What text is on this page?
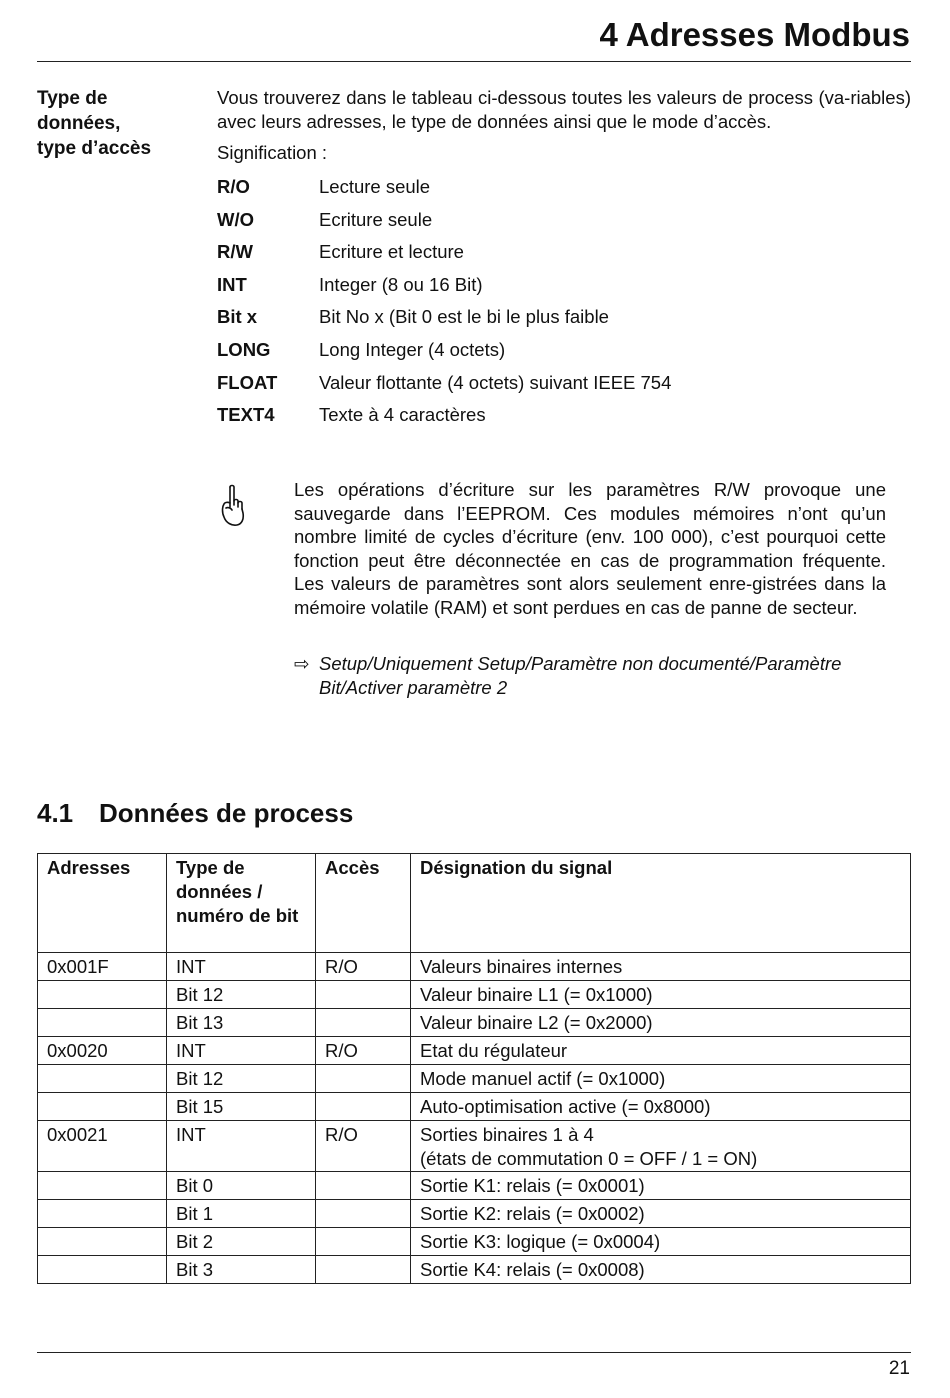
4 Adresses Modbus
Type de
données,
type d’accès
Vous trouverez dans le tableau ci-dessous toutes les valeurs de process (va-riables) avec leurs adresses, le type de données ainsi que le mode d’accès.
Signification :
R/O	Lecture seule
W/O	Ecriture seule
R/W	Ecriture et lecture
INT	Integer (8 ou 16 Bit)
Bit x	Bit No x (Bit 0 est le bi le plus faible
LONG	Long Integer (4 octets)
FLOAT	Valeur flottante (4 octets) suivant IEEE 754
TEXT4	Texte à 4 caractères
Les opérations d’écriture sur les paramètres R/W provoque une sauvegarde dans l’EEPROM. Ces modules mémoires n’ont qu’un nombre limité de cycles d’écriture (env. 100 000), c’est pourquoi cette fonction peut être déconnectée en cas de programmation fréquente. Les valeurs de paramètres sont alors seulement enre-gistrées dans la mémoire volatile (RAM) et sont perdues en cas de panne de secteur.
⇨ Setup/Uniquement Setup/Paramètre non documenté/Paramètre Bit/Activer paramètre 2
4.1 Données de process
Adresses	Type de données / numéro de bit	Accès	Désignation du signal
0x001F	INT	R/O	Valeurs binaires internes
	Bit 12		Valeur binaire L1 (= 0x1000)
	Bit 13		Valeur binaire L2 (= 0x2000)
0x0020	INT	R/O	Etat du régulateur
	Bit 12		Mode manuel actif (= 0x1000)
	Bit 15		Auto-optimisation active (= 0x8000)
0x0021	INT	R/O	Sorties binaires 1 à 4
(états de commutation 0 = OFF / 1 = ON)
	Bit 0		Sortie K1: relais (= 0x0001)
	Bit 1		Sortie K2: relais (= 0x0002)
	Bit 2		Sortie K3: logique (= 0x0004)
	Bit 3		Sortie K4: relais (= 0x0008)
21
